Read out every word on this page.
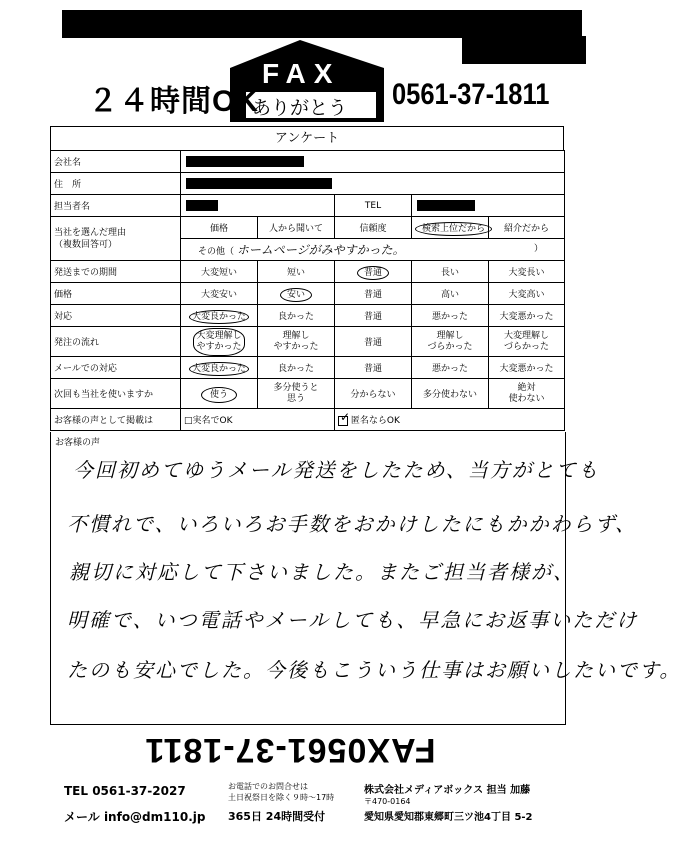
２４時間OK
FAX
ありがとう 0561-37-1811
アンケート
会社名					
住　所					
担当者名			TEL		

当社を選んだ理由
（複数回答可）	価格	人から聞いて	信頼度	検索上位だから	紹介だから
	その他（ ホームページがみやすかった。 ）				

発送までの期間	大変短い	短い	普通	長い	大変長い
価格	大変安い	安い	普通	高い	大変高い
対応	大変良かった	良かった	普通	悪かった	大変悪かった
発注の流れ	大変理解し
やすかった	理解し
やすかった	普通	理解し
づらかった	大変理解し
づらかった
メールでの対応	大変良かった	良かった	普通	悪かった	大変悪かった
次回も当社を使いますか	使う	多分使うと
思う	分からない	多分使わない	絶対
使わない
お客様の声として掲載は	□実名でOK		✓ 匿名ならOK		
お客様の声
今回初めてゆうメール発送をしたため、当方がとても
不慣れで、いろいろお手数をおかけしたにもかかわらず、
親切に対応して下さいました。またご担当者様が、
明確で、いつ電話やメールしても、早急にお返事いただけ
たのも安心でした。今後もこういう仕事はお願いしたいです。
FAX0561-37-1811
TEL 0561-37-2027
メール info@dm110.jp
お電話でのお問合せは
土日祝祭日を除く９時～17時
365日 24時間受付
株式会社メディアボックス 担当 加藤
〒470-0164
愛知県愛知郡東郷町三ツ池4丁目 5-2
